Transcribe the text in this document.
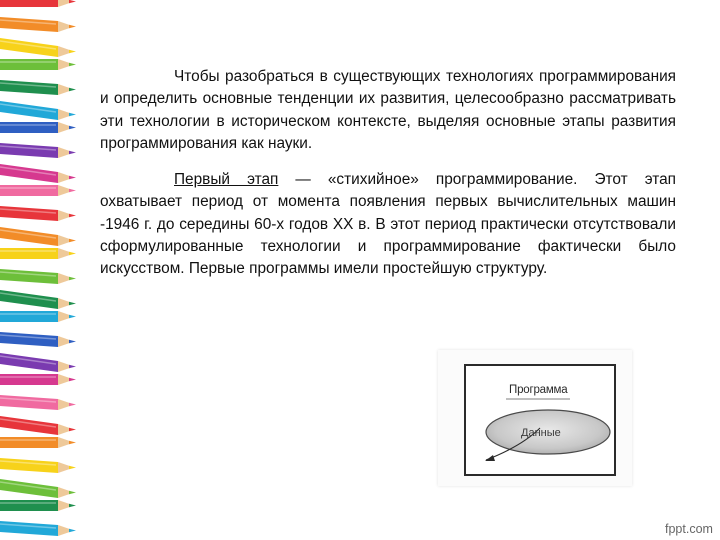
Чтобы разобраться в существующих технологиях программирования и определить основные тенденции их развития, целесообразно рассматривать эти технологии в историческом контексте, выделяя основные этапы развития программирования как науки.

Первый этап — «стихийное» программирование. Этот этап охватывает период от момента появления первых вычислительных машин -1946 г. до середины 60-х годов XX в. В этот период практически отсутствовали сформулированные технологии и программирование фактически было искусством. Первые программы имели простейшую структуру.

Программа
Данные
fppt.com
